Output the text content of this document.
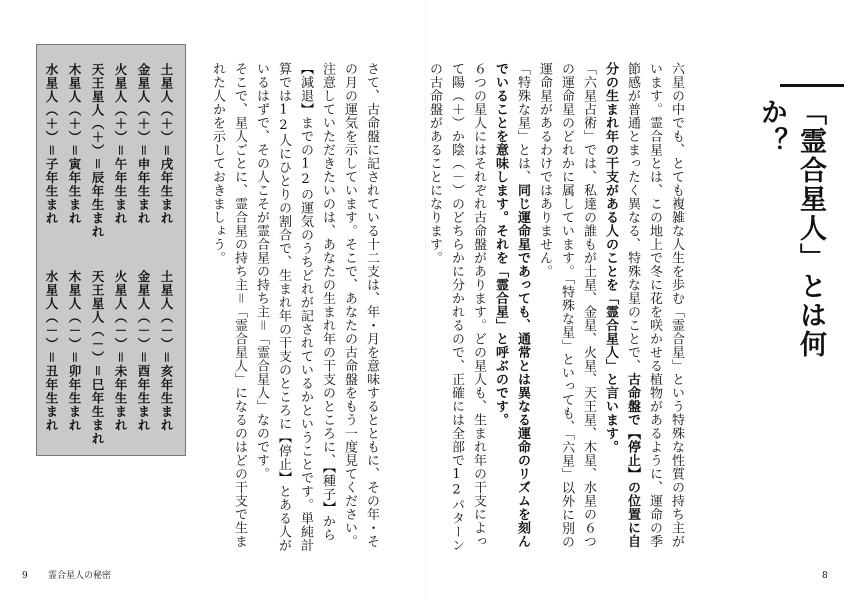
「霊合星人」とは何か？
六星の中でも、とても複雑な人生を歩む「霊合星」という特殊な性質の持ち主がいます。霊合星とは、この地上で冬に花を咲かせる植物があるように、運命の季節感が普通とまったく異なる、特殊な星のことで、古命盤で【停止】の位置に自分の生まれ年の干支がある人のことを「霊合星人」と言います。
「六星占術」では、私達の誰もが土星、金星、火星、天王星、木星、水星の６つの運命星のどれかに属しています。「特殊な星」といっても、「六星」以外に別の運命星があるわけではありません。
「特殊な星」とは、同じ運命星であっても、通常とは異なる運命のリズムを刻んでいることを意味します。それを「霊合星」と呼ぶのです。
６つの星人にはそれぞれ古命盤があります。どの星人も、生まれ年の干支によって陽（＋）か陰（－）のどちらかに分かれるので、正確には全部で12パターンの古命盤があることになります。
さて、古命盤に記されている十二支は、年・月を意味するとともに、その年・その月の運気を示しています。そこで、あなたの古命盤をもう一度見てください。注意していただきたいのは、あなたの生まれ年の干支のところに、【種子】から【減退】までの12の運気のうちどれが記されているかということです。単純計算では12人にひとりの割合で、生まれ年の干支のところに【停止】とある人がいるはずで、その人こそが霊合星の持ち主＝「霊合星人」なのです。
そこで、星人ごとに、霊合星の持ち主＝「霊合星人」になるのはどの干支で生まれた人かを示しておきましょう。
土星人（＋）＝戌年生まれ
金星人（＋）＝申年生まれ
火星人（＋）＝午年生まれ
天王星人（＋）＝辰年生まれ
木星人（＋）＝寅年生まれ
水星人（＋）＝子年生まれ
土星人（－）＝亥年生まれ
金星人（－）＝酉年生まれ
火星人（－）＝未年生まれ
天王星人（－）＝巳年生まれ
木星人（－）＝卯年生まれ
水星人（－）＝丑年生まれ
9 霊合星人の秘密	8
